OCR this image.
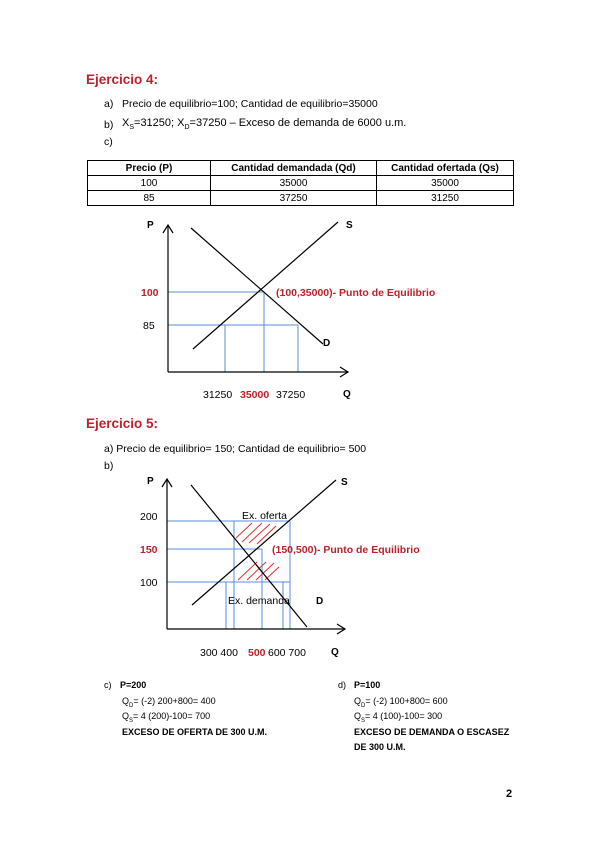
Ejercicio 4:
a) Precio de equilibrio=100; Cantidad de equilibrio=35000
b) $X_S=31250$; $X_D=37250$ – Exceso de demanda de 6000 u.m.
c)
Precio (P)	Cantidad demandada (Qd)	Cantidad ofertada (Qs)
100	35000	35000
85	37250	31250
P	S
D
Q
100
85
31250 35000 37250
(100,35000)- Punto de Equilibrio
Ejercicio 5:
a) Precio de equilibrio= 150; Cantidad de equilibrio= 500
b)
P	S
D
Q
200
150
100
300 400 500 600 700
Ex. oferta
Ex. demanda
(150,500)- Punto de Equilibrio
c) P=200
$Q_D= (-2)$ 200+800= 400
$Q_S= 4$ (200)-100= 700
EXCESO DE OFERTA DE 300 U.M.
d) P=100
$Q_D= (-2)$ 100+800= 600
$Q_S= 4$ (100)-100= 300
EXCESO DE DEMANDA O ESCASEZ
DE 300 U.M.
2
